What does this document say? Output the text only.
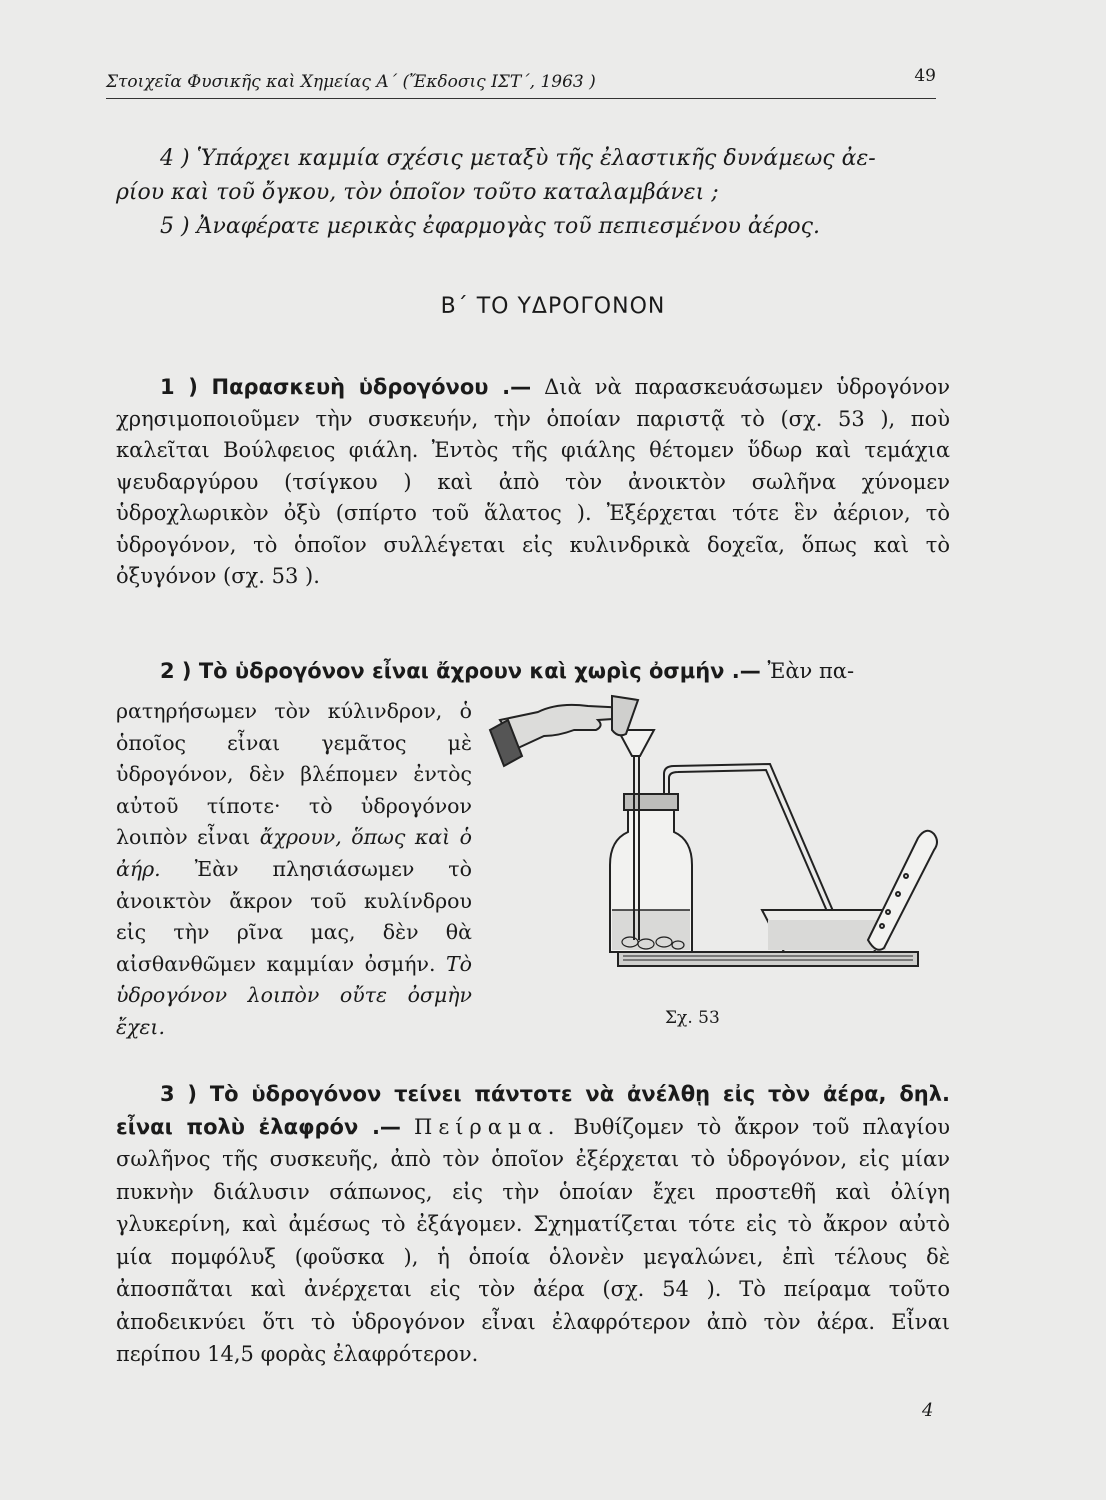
Στοιχεῖα Φυσικῆς καὶ Χημείας Α΄ (Ἔκδοσις ΙΣΤ΄, 1963 )	49
4 ) Ὑπάρχει καμμία σχέσις μεταξὺ τῆς ἐλαστικῆς δυνάμεως ἀε-
ρίου καὶ τοῦ ὄγκου, τὸν ὁποῖον τοῦτο καταλαμβάνει ;
5 ) Ἀναφέρατε μερικὰς ἐφαρμογὰς τοῦ πεπιεσμένου ἀέρος.
Β΄ ΤΟ ΥΔΡΟΓΟΝΟΝ
1 ) Παρασκευὴ ὑδρογόνου .— Διὰ νὰ παρασκευάσωμεν ὑδρογόνον χρησιμοποιοῦμεν τὴν συσκευήν, τὴν ὁποίαν παριστᾷ τὸ (σχ. 53 ), ποὺ καλεῖται Βούλφειος φιάλη. Ἐντὸς τῆς φιάλης θέτομεν ὕδωρ καὶ τεμάχια ψευδαργύρου (τσίγκου ) καὶ ἀπὸ τὸν ἀνοικτὸν σωλῆνα χύνομεν ὑδροχλωρικὸν ὀξὺ (σπίρτο τοῦ ἅλατος ). Ἐξέρχεται τότε ἓν ἀέριον, τὸ ὑδρογόνον, τὸ ὁποῖον συλλέγεται εἰς κυλινδρικὰ δοχεῖα, ὅπως καὶ τὸ ὀξυγόνον (σχ. 53 ).
2 ) Τὸ ὑδρογόνον εἶναι ἄχρουν καὶ χωρὶς ὀσμήν .— Ἐὰν πα-
ρατηρήσωμεν τὸν κύλινδρον, ὁ ὁποῖος εἶναι γεμᾶτος μὲ ὑδρογόνον, δὲν βλέπομεν ἐντὸς αὐτοῦ τίποτε· τὸ ὑδρογόνον λοιπὸν εἶναι ἄχρουν, ὅπως καὶ ὁ ἀήρ. Ἐὰν πλησιάσωμεν τὸ ἀνοικτὸν ἄκρον τοῦ κυλίνδρου εἰς τὴν ρῖνα μας, δὲν θὰ αἰσθανθῶμεν καμμίαν ὀσμήν. Τὸ ὑδρογόνον λοιπὸν οὔτε ὀσμὴν ἔχει.	Σχ. 53
3 ) Τὸ ὑδρογόνον τείνει πάντοτε νὰ ἀνέλθῃ εἰς τὸν ἀέρα, δηλ. εἶναι πολὺ ἐλαφρόν .— Πείραμα. Βυθίζομεν τὸ ἄκρον τοῦ πλαγίου σωλῆνος τῆς συσκευῆς, ἀπὸ τὸν ὁποῖον ἐξέρχεται τὸ ὑδρογόνον, εἰς μίαν πυκνὴν διάλυσιν σάπωνος, εἰς τὴν ὁποίαν ἔχει προστεθῆ καὶ ὀλίγη γλυκερίνη, καὶ ἀμέσως τὸ ἐξάγομεν. Σχηματίζεται τότε εἰς τὸ ἄκρον αὐτὸ μία πομφόλυξ (φοῦσκα ), ἡ ὁποία ὁλονὲν μεγαλώνει, ἐπὶ τέλους δὲ ἀποσπᾶται καὶ ἀνέρχεται εἰς τὸν ἀέρα (σχ. 54 ). Τὸ πείραμα τοῦτο ἀποδεικνύει ὅτι τὸ ὑδρογόνον εἶναι ἐλαφρότερον ἀπὸ τὸν ἀέρα. Εἶναι περίπου 14,5 φορὰς ἐλαφρότερον.
4
